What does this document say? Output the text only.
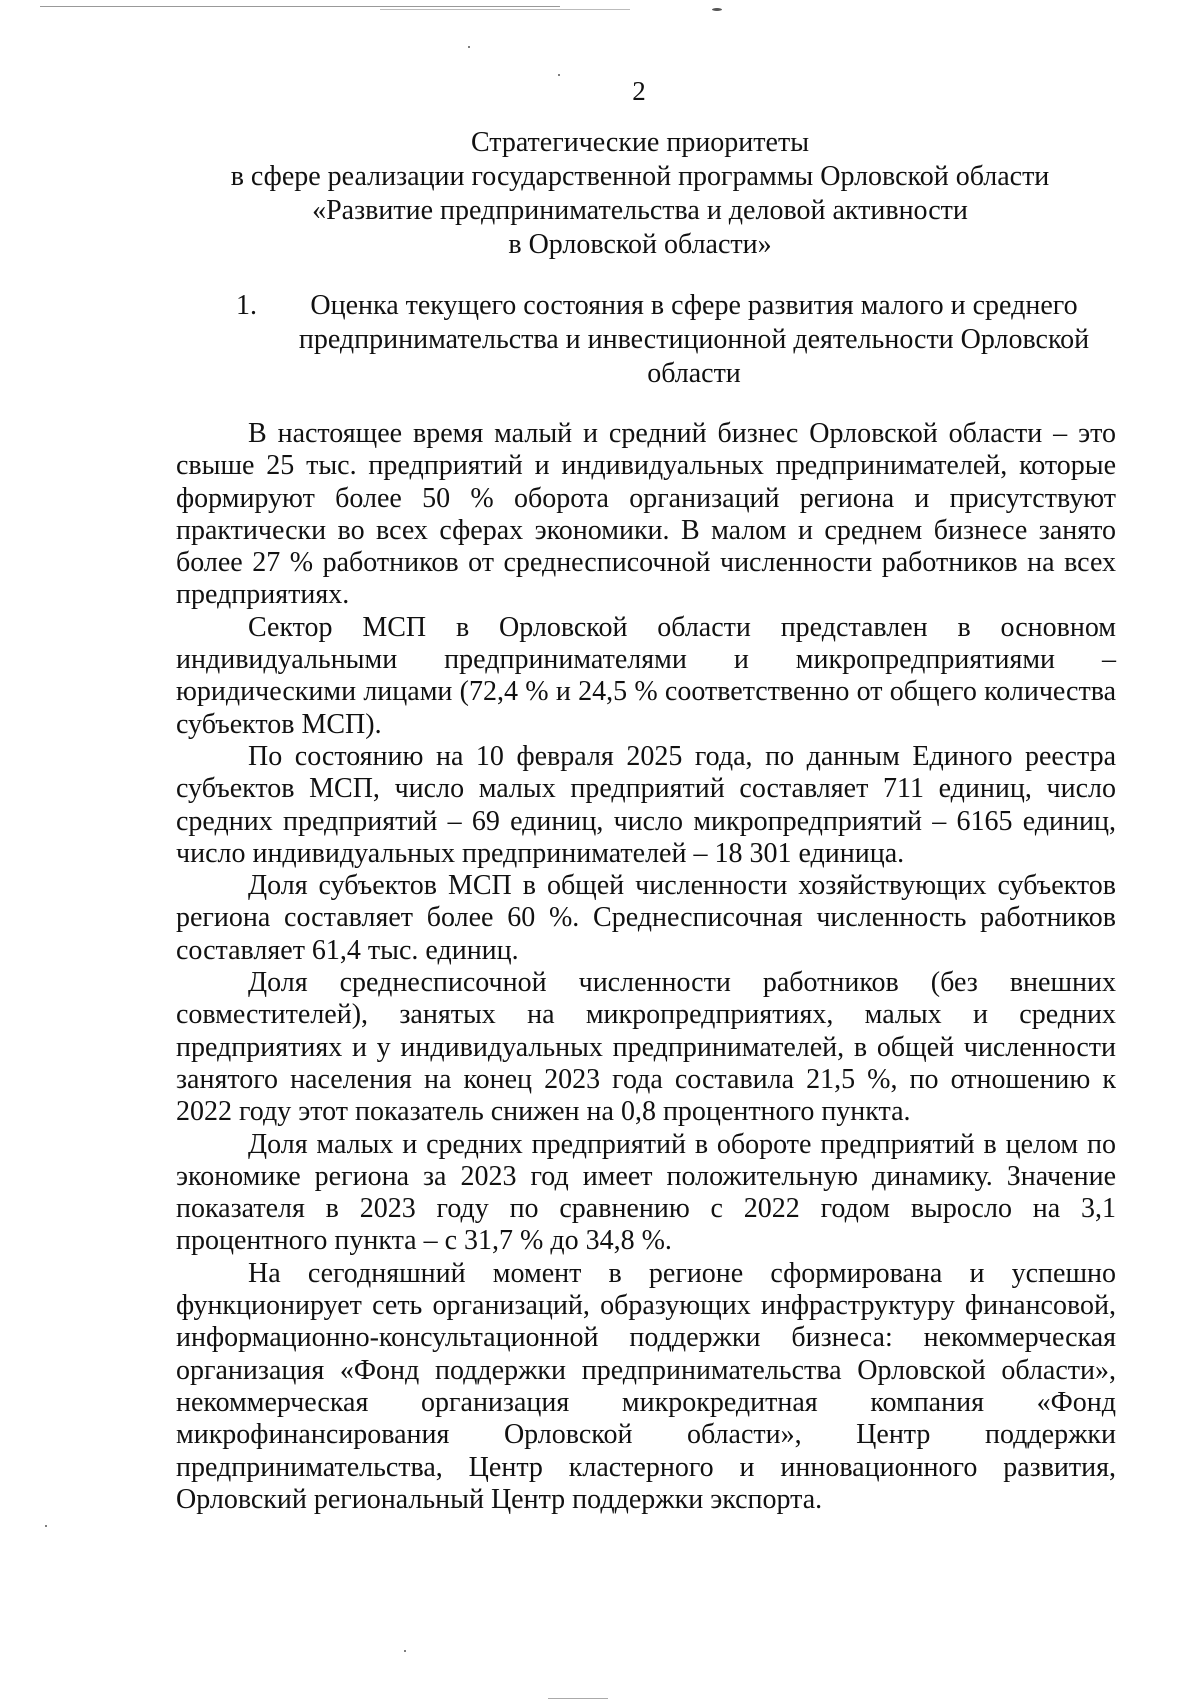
2
Стратегические приоритеты
в сфере реализации государственной программы Орловской области
«Развитие предпринимательства и деловой активности
в Орловской области»
1.	Оценка текущего состояния в сфере развития малого и среднего
предпринимательства и инвестиционной деятельности Орловской
области

В настоящее время малый и средний бизнес Орловской области – это свыше 25 тыс. предприятий и индивидуальных предпринимателей, которые формируют более 50 % оборота организаций региона и присутствуют практически во всех сферах экономики. В малом и среднем бизнесе занято более 27 % работников от среднесписочной численности работников на всех предприятиях.

Сектор МСП в Орловской области представлен в основном индивидуальными предпринимателями и микропредприятиями – юридическими лицами (72,4 % и 24,5 % соответственно от общего количества субъектов МСП).

По состоянию на 10 февраля 2025 года, по данным Единого реестра субъектов МСП, число малых предприятий составляет 711 единиц, число средних предприятий – 69 единиц, число микропредприятий – 6165 единиц, число индивидуальных предпринимателей – 18 301 единица.

Доля субъектов МСП в общей численности хозяйствующих субъектов региона составляет более 60 %. Среднесписочная численность работников составляет 61,4 тыс. единиц.

Доля среднесписочной численности работников (без внешних совместителей), занятых на микропредприятиях, малых и средних предприятиях и у индивидуальных предпринимателей, в общей численности занятого населения на конец 2023 года составила 21,5 %, по отношению к 2022 году этот показатель снижен на 0,8 процентного пункта.

Доля малых и средних предприятий в обороте предприятий в целом по экономике региона за 2023 год имеет положительную динамику. Значение показателя в 2023 году по сравнению с 2022 годом выросло на 3,1 процентного пункта – с 31,7 % до 34,8 %.

На сегодняшний момент в регионе сформирована и успешно функционирует сеть организаций, образующих инфраструктуру финансовой, информационно-консультационной поддержки бизнеса: некоммерческая организация «Фонд поддержки предпринимательства Орловской области», некоммерческая организация микрокредитная компания «Фонд микрофинансирования Орловской области», Центр поддержки предпринимательства, Центр кластерного и инновационного развития, Орловский региональный Центр поддержки экспорта.
